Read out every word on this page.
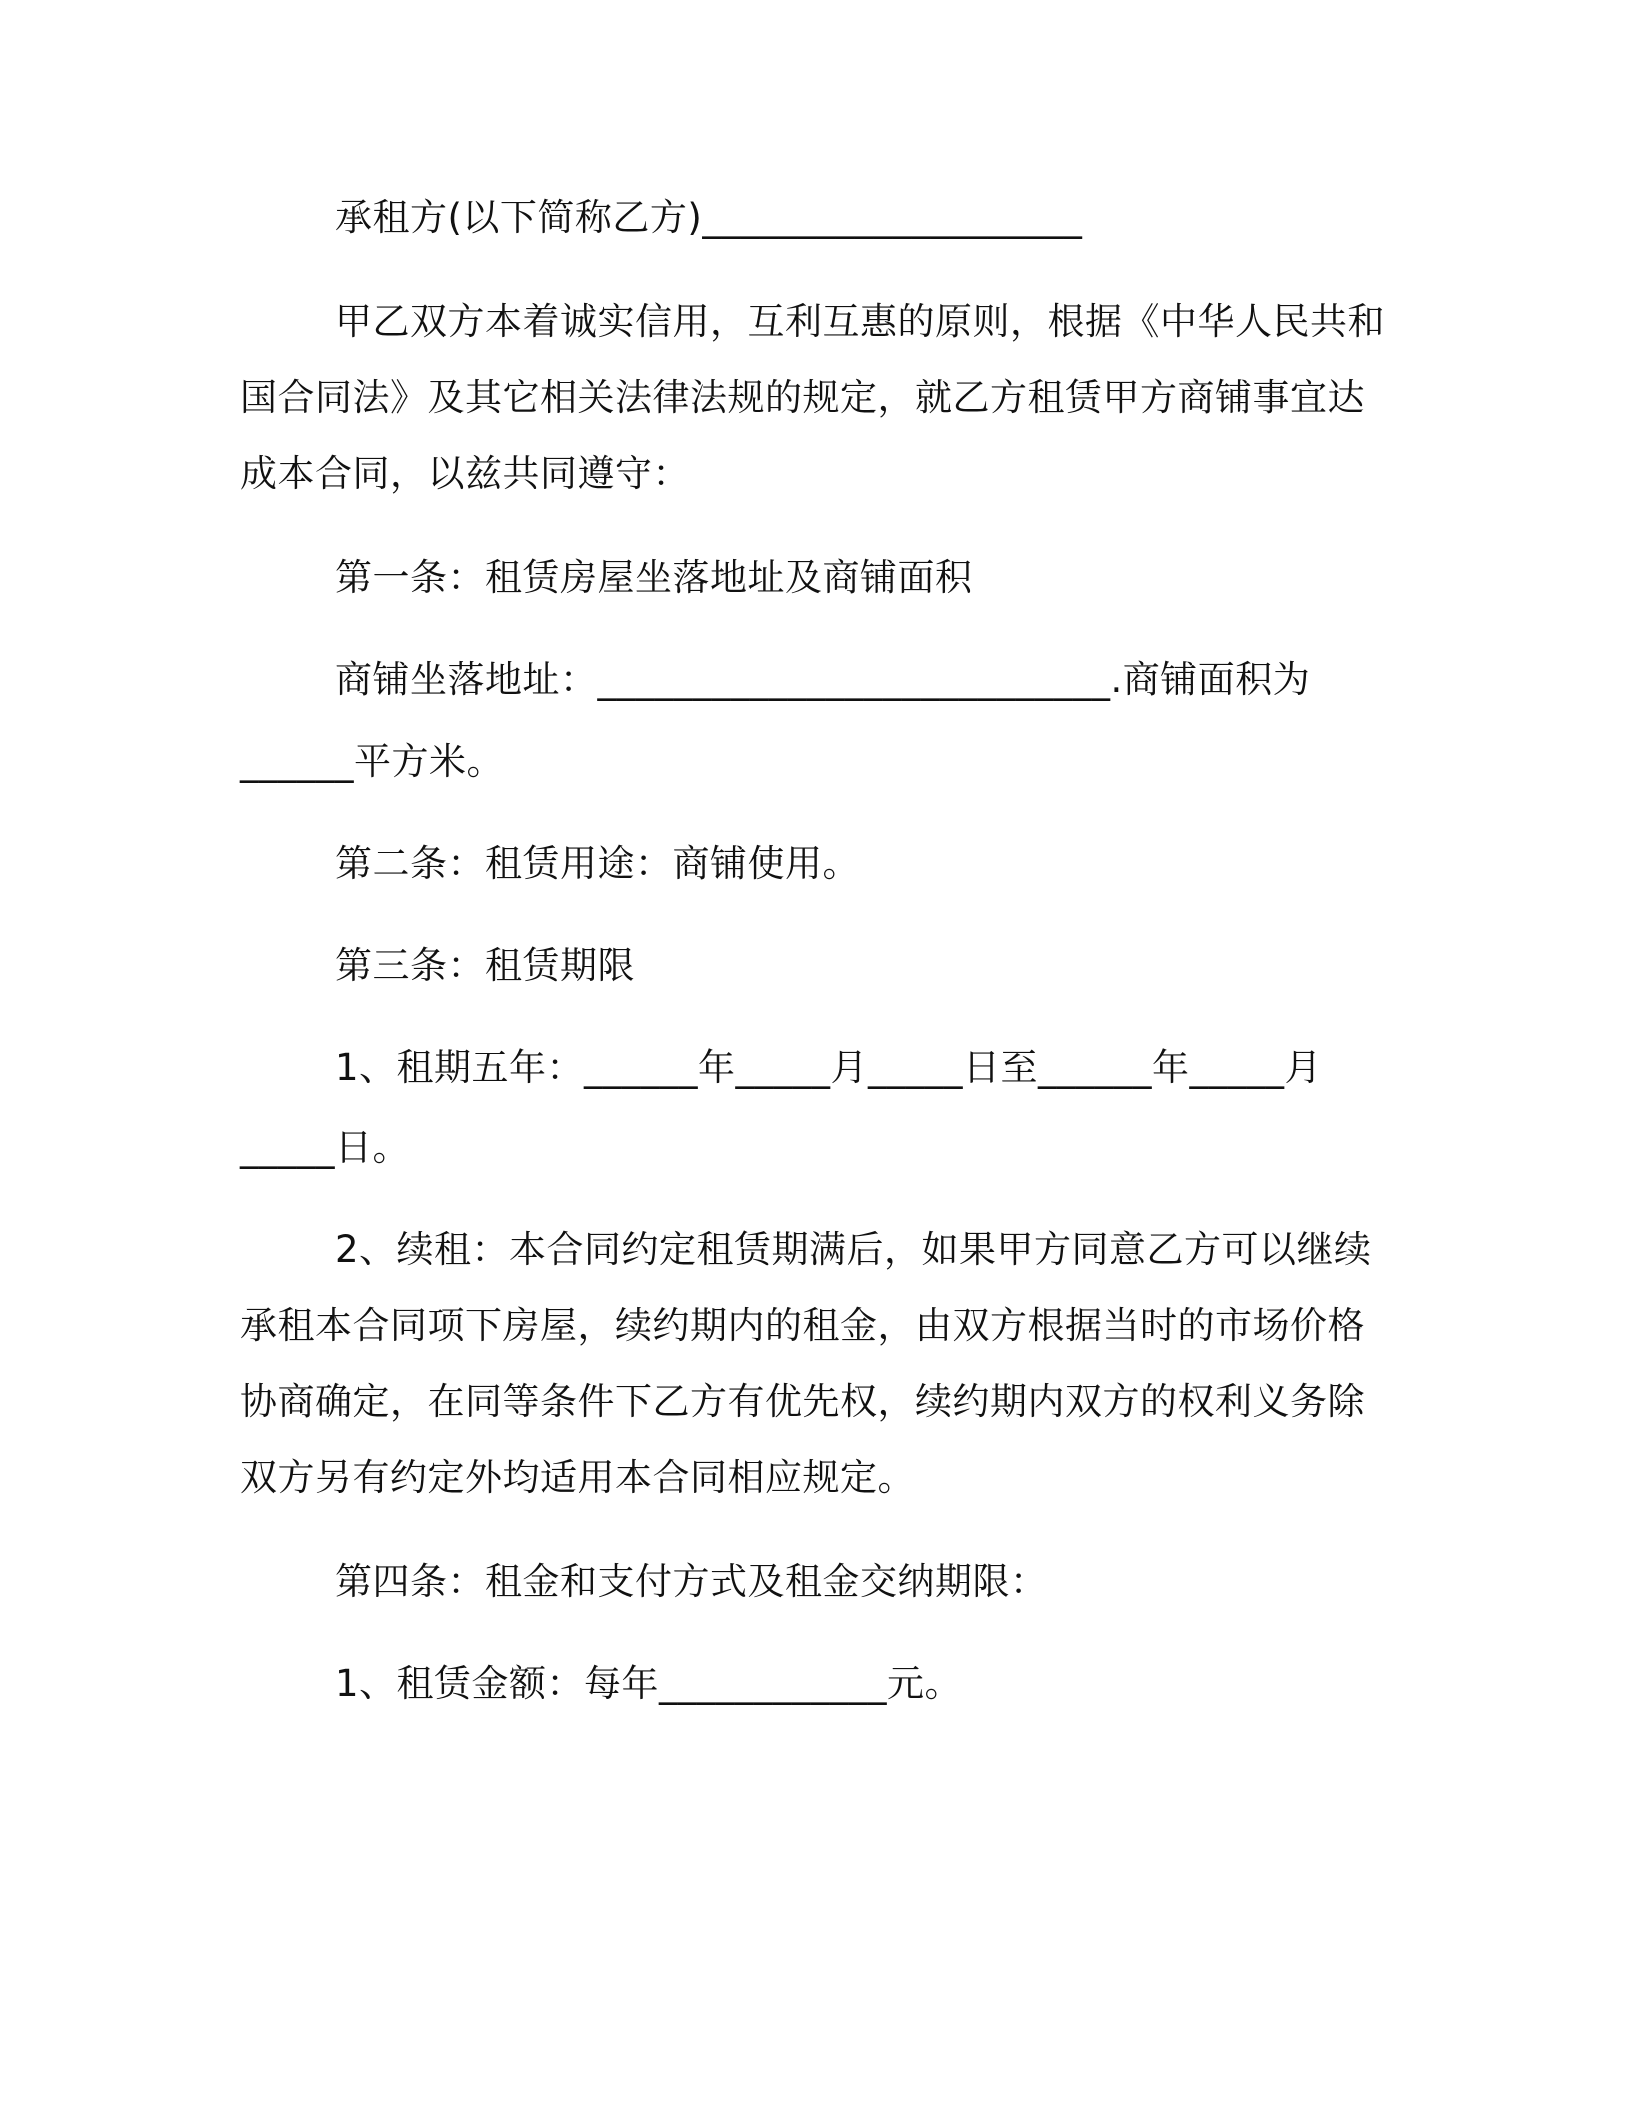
承租方(以下简称乙方)____________________
甲乙双方本着诚实信用，互利互惠的原则，根据《中华人民共和
国合同法》及其它相关法律法规的规定，就乙方租赁甲方商铺事宜达
成本合同，以兹共同遵守：
第一条：租赁房屋坐落地址及商铺面积
商铺坐落地址：___________________________.商铺面积为
______平方米。
第二条：租赁用途：商铺使用。
第三条：租赁期限
1、租期五年：______年_____月_____日至______年_____月
_____日。
2、续租：本合同约定租赁期满后，如果甲方同意乙方可以继续
承租本合同项下房屋，续约期内的租金，由双方根据当时的市场价格
协商确定，在同等条件下乙方有优先权，续约期内双方的权利义务除
双方另有约定外均适用本合同相应规定。
第四条：租金和支付方式及租金交纳期限：
1、租赁金额：每年____________元。
